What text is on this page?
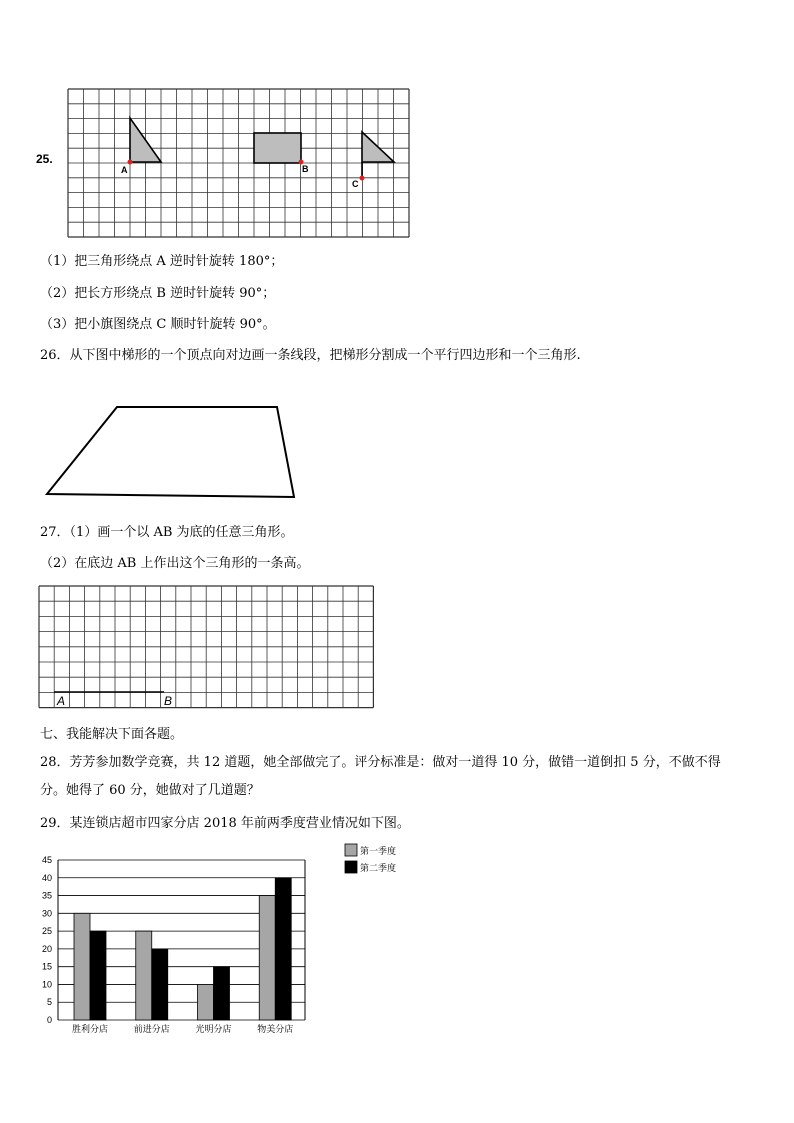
25.
A	B
C
（1）把三角形绕点 A 逆时针旋转 180°；
（2）把长方形绕点 B 逆时针旋转 90°；
（3）把小旗图绕点 C 顺时针旋转 90°。
26．从下图中梯形的一个顶点向对边画一条线段，把梯形分割成一个平行四边形和一个三角形.
27．（1）画一个以 AB 为底的任意三角形。
（2）在底边 AB 上作出这个三角形的一条高。
A	B
七、我能解决下面各题。
28．芳芳参加数学竞赛，共 12 道题，她全部做完了。评分标准是：做对一道得 10 分，做错一道倒扣 5 分，不做不得
分。她得了 60 分，她做对了几道题？
29．某连锁店超市四家分店 2018 年前两季度营业情况如下图。
0
5
10
15
20
25
30
35
40
45
胜利分店	前进分店	光明分店	物美分店
第一季度
第二季度
